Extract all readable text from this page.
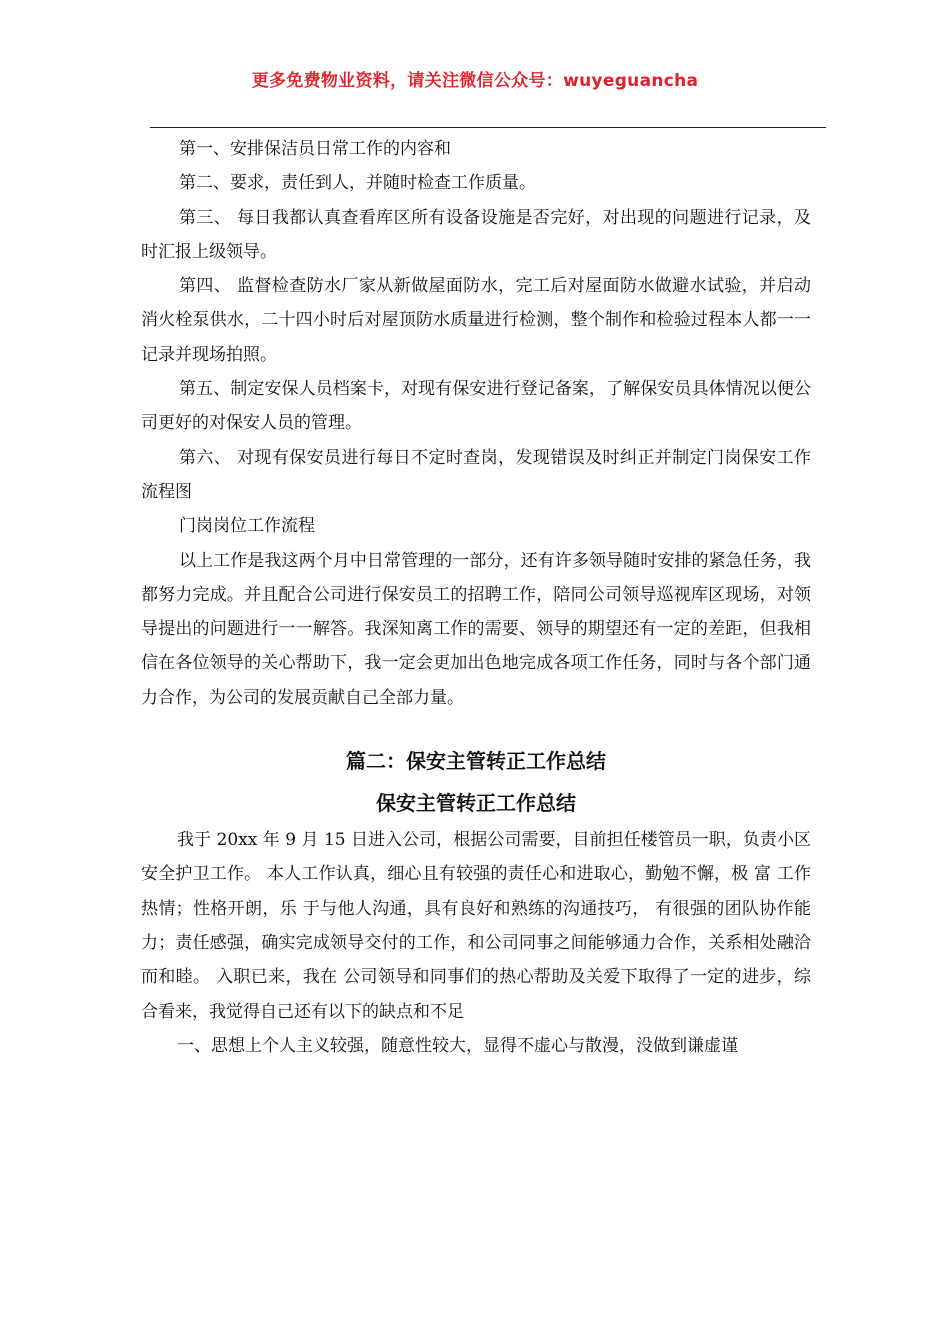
更多免费物业资料，请关注微信公众号：wuyeguancha

第一、安排保洁员日常工作的内容和

第二、要求，责任到人，并随时检查工作质量。

第三、 每日我都认真查看库区所有设备设施是否完好，对出现的问题进行记录，及时汇报上级领导。

第四、 监督检查防水厂家从新做屋面防水，完工后对屋面防水做避水试验，并启动消火栓泵供水，二十四小时后对屋顶防水质量进行检测，整个制作和检验过程本人都一一记录并现场拍照。

第五、制定安保人员档案卡，对现有保安进行登记备案，了解保安员具体情况以便公司更好的对保安人员的管理。

第六、 对现有保安员进行每日不定时查岗，发现错误及时纠正并制定门岗保安工作流程图

门岗岗位工作流程

以上工作是我这两个月中日常管理的一部分，还有许多领导随时安排的紧急任务，我都努力完成。并且配合公司进行保安员工的招聘工作，陪同公司领导巡视库区现场，对领导提出的问题进行一一解答。我深知离工作的需要、领导的期望还有一定的差距，但我相信在各位领导的关心帮助下，我一定会更加出色地完成各项工作任务，同时与各个部门通力合作，为公司的发展贡献自己全部力量。

篇二：保安主管转正工作总结
保安主管转正工作总结

我于 20xx 年 9 月 15 日进入公司，根据公司需要，目前担任楼管员一职，负责小区安全护卫工作。 本人工作认真，细心且有较强的责任心和进取心，勤勉不懈，极 富 工作热情；性格开朗，乐 于与他人沟通，具有良好和熟练的沟通技巧， 有很强的团队协作能力；责任感强，确实完成领导交付的工作，和公司同事之间能够通力合作，关系相处融洽而和睦。 入职已来，我在 公司领导和同事们的热心帮助及关爱下取得了一定的进步，综合看来，我觉得自己还有以下的缺点和不足

一、思想上个人主义较强，随意性较大，显得不虚心与散漫，没做到谦虚谨
